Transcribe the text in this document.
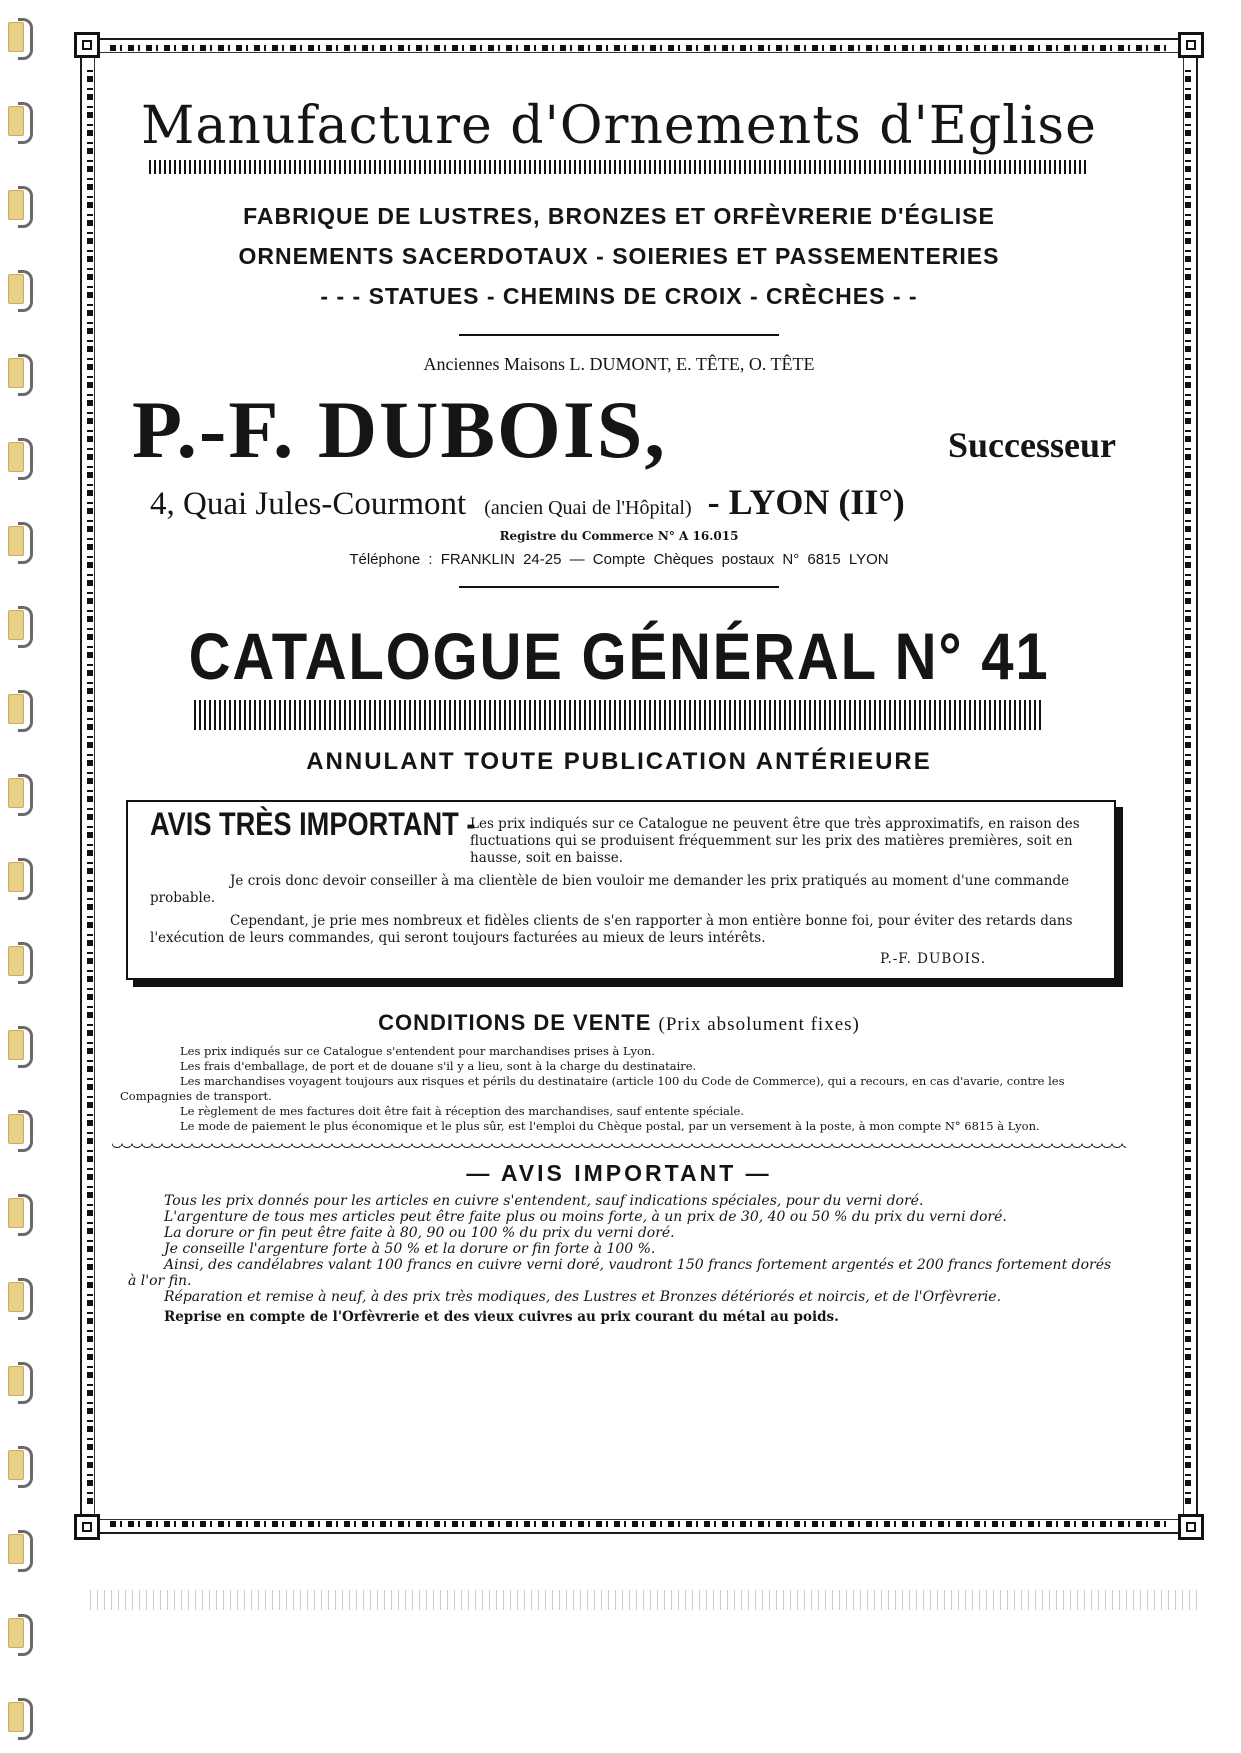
Manufacture d'Ornements d'Eglise
FABRIQUE DE LUSTRES, BRONZES ET ORFÈVRERIE D'ÉGLISE
ORNEMENTS SACERDOTAUX - SOIERIES ET PASSEMENTERIES
- - - STATUES - CHEMINS DE CROIX - CRÈCHES - -
Anciennes Maisons L. DUMONT, E. TÊTE, O. TÊTE
P.-F. DUBOIS,	Successeur
4, Quai Jules-Courmont (ancien Quai de l'Hôpital) - LYON (II°)
Registre du Commerce N° A 16.015
Téléphone : FRANKLIN 24-25 — Compte Chèques postaux N° 6815 LYON
CATALOGUE GÉNÉRAL N° 41
ANNULANT TOUTE PUBLICATION ANTÉRIEURE
AVIS TRÈS IMPORTANT -
Les prix indiqués sur ce Catalogue ne peuvent être que très approximatifs, en raison des fluctuations qui se produisent fréquemment sur les prix des matières premières, soit en hausse, soit en baisse.
Je crois donc devoir conseiller à ma clientèle de bien vouloir me demander les prix pratiqués au moment d'une commande probable.
Cependant, je prie mes nombreux et fidèles clients de s'en rapporter à mon entière bonne foi, pour éviter des retards dans l'exécution de leurs commandes, qui seront toujours facturées au mieux de leurs intérêts.
P.-F. DUBOIS.
CONDITIONS DE VENTE (Prix absolument fixes)
Les prix indiqués sur ce Catalogue s'entendent pour marchandises prises à Lyon.
Les frais d'emballage, de port et de douane s'il y a lieu, sont à la charge du destinataire.
Les marchandises voyagent toujours aux risques et périls du destinataire (article 100 du Code de Commerce), qui a recours, en cas d'avarie, contre les Compagnies de transport.
Le règlement de mes factures doit être fait à réception des marchandises, sauf entente spéciale.
Le mode de paiement le plus économique et le plus sûr, est l'emploi du Chèque postal, par un versement à la poste, à mon compte N° 6815 à Lyon.
— AVIS IMPORTANT —
Tous les prix donnés pour les articles en cuivre s'entendent, sauf indications spéciales, pour du verni doré.
L'argenture de tous mes articles peut être faite plus ou moins forte, à un prix de 30, 40 ou 50 % du prix du verni doré.
La dorure or fin peut être faite à 80, 90 ou 100 % du prix du verni doré.
Je conseille l'argenture forte à 50 % et la dorure or fin forte à 100 %.
Ainsi, des candélabres valant 100 francs en cuivre verni doré, vaudront 150 francs fortement argentés et 200 francs fortement dorés à l'or fin.
Réparation et remise à neuf, à des prix très modiques, des Lustres et Bronzes détériorés et noircis, et de l'Orfèvrerie.
Reprise en compte de l'Orfèvrerie et des vieux cuivres au prix courant du métal au poids.
